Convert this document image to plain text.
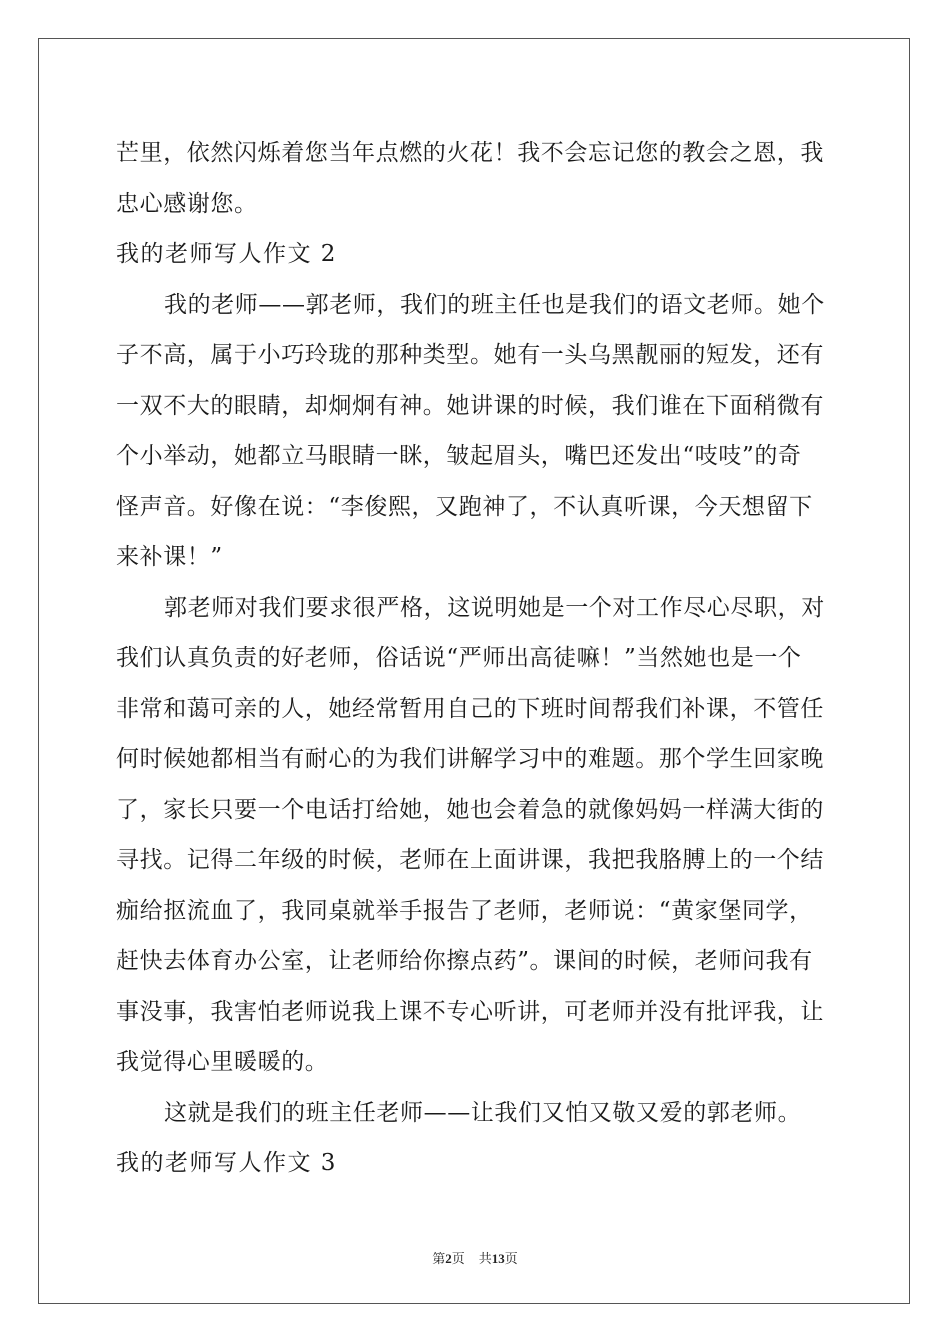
芒里，依然闪烁着您当年点燃的火花！我不会忘记您的教会之恩，我
忠心感谢您。
我的老师写人作文 2
我的老师——郭老师，我们的班主任也是我们的语文老师。她个
子不高，属于小巧玲珑的那种类型。她有一头乌黑靓丽的短发，还有
一双不大的眼睛，却炯炯有神。她讲课的时候，我们谁在下面稍微有
个小举动，她都立马眼睛一眯，皱起眉头，嘴巴还发出“吱吱”的奇
怪声音。好像在说：“李俊熙，又跑神了，不认真听课，今天想留下
来补课！”
郭老师对我们要求很严格，这说明她是一个对工作尽心尽职，对
我们认真负责的好老师，俗话说“严师出高徒嘛！”当然她也是一个
非常和蔼可亲的人，她经常暂用自己的下班时间帮我们补课，不管任
何时候她都相当有耐心的为我们讲解学习中的难题。那个学生回家晚
了，家长只要一个电话打给她，她也会着急的就像妈妈一样满大街的
寻找。记得二年级的时候，老师在上面讲课，我把我胳膊上的一个结
痂给抠流血了，我同桌就举手报告了老师，老师说：“黄家堡同学，
赶快去体育办公室，让老师给你擦点药”。课间的时候，老师问我有
事没事，我害怕老师说我上课不专心听讲，可老师并没有批评我，让
我觉得心里暖暖的。
这就是我们的班主任老师——让我们又怕又敬又爱的郭老师。
我的老师写人作文 3
第2页 共13页
